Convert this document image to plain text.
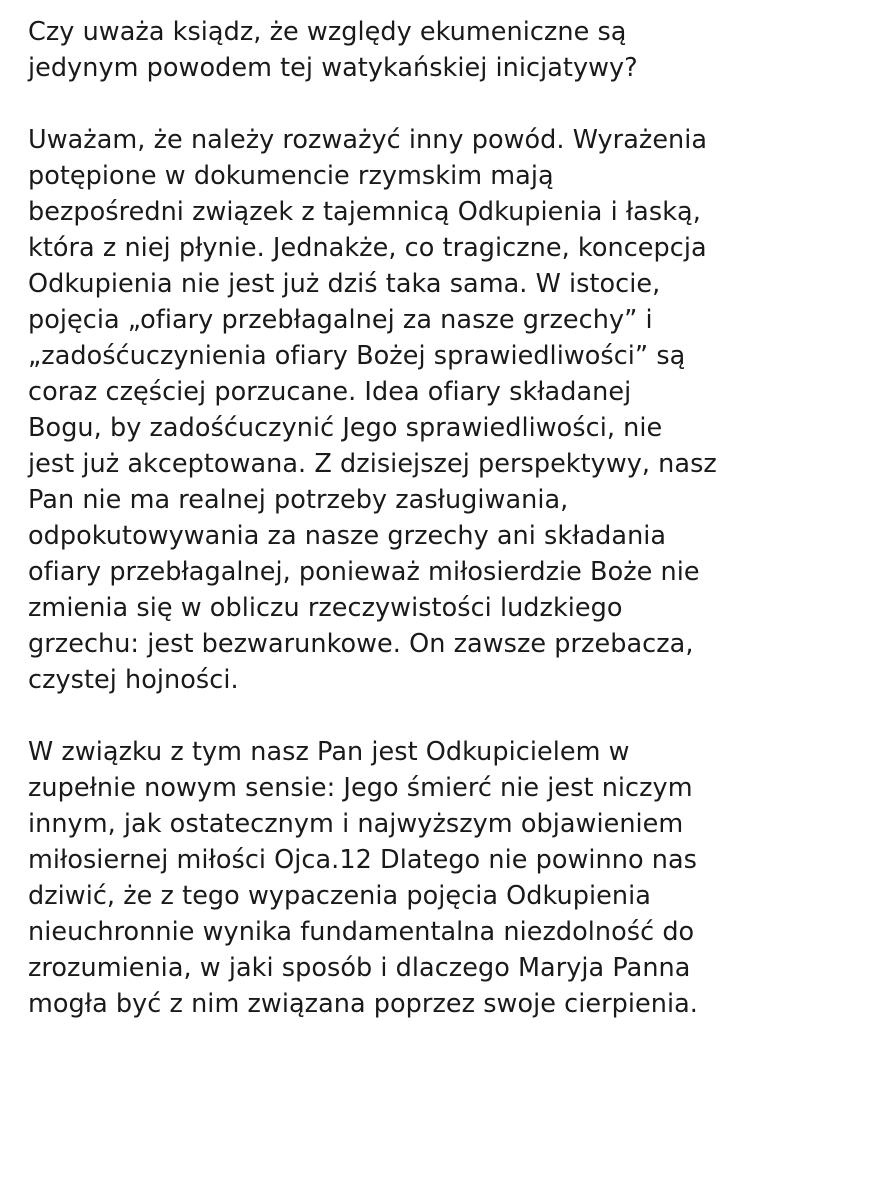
Czy uważa ksiądz, że względy ekumeniczne są
jedynym powodem tej watykańskiej inicjatywy?
Uważam, że należy rozważyć inny powód. Wyrażenia
potępione w dokumencie rzymskim mają
bezpośredni związek z tajemnicą Odkupienia i łaską,
która z niej płynie. Jednakże, co tragiczne, koncepcja
Odkupienia nie jest już dziś taka sama. W istocie,
pojęcia „ofiary przebłagalnej za nasze grzechy” i
„zadośćuczynienia ofiary Bożej sprawiedliwości” są
coraz częściej porzucane. Idea ofiary składanej
Bogu, by zadośćuczynić Jego sprawiedliwości, nie
jest już akceptowana. Z dzisiejszej perspektywy, nasz
Pan nie ma realnej potrzeby zasługiwania,
odpokutowywania za nasze grzechy ani składania
ofiary przebłagalnej, ponieważ miłosierdzie Boże nie
zmienia się w obliczu rzeczywistości ludzkiego
grzechu: jest bezwarunkowe. On zawsze przebacza,
czystej hojności.
W związku z tym nasz Pan jest Odkupicielem w
zupełnie nowym sensie: Jego śmierć nie jest niczym
innym, jak ostatecznym i najwyższym objawieniem
miłosiernej miłości Ojca.12 Dlatego nie powinno nas
dziwić, że z tego wypaczenia pojęcia Odkupienia
nieuchronnie wynika fundamentalna niezdolność do
zrozumienia, w jaki sposób i dlaczego Maryja Panna
mogła być z nim związana poprzez swoje cierpienia.
